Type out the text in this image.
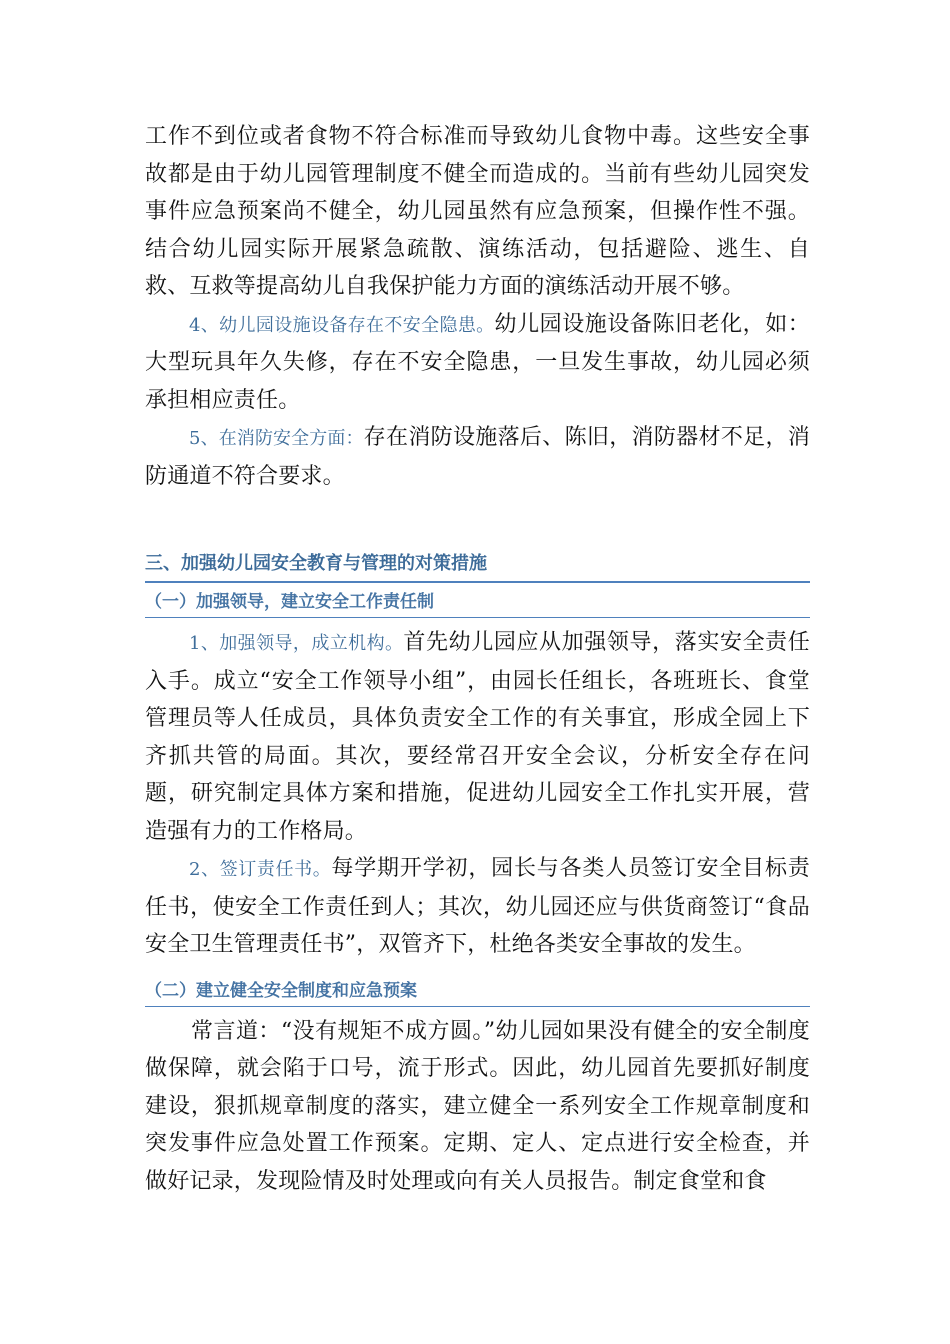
工作不到位或者食物不符合标准而导致幼儿食物中毒。这些安全事故都是由于幼儿园管理制度不健全而造成的。当前有些幼儿园突发事件应急预案尚不健全，幼儿园虽然有应急预案，但操作性不强。结合幼儿园实际开展紧急疏散、演练活动，包括避险、逃生、自救、互救等提高幼儿自我保护能力方面的演练活动开展不够。

4、幼儿园设施设备存在不安全隐患。幼儿园设施设备陈旧老化，如：大型玩具年久失修，存在不安全隐患，一旦发生事故，幼儿园必须承担相应责任。

5、在消防安全方面：存在消防设施落后、陈旧，消防器材不足，消防通道不符合要求。

三、加强幼儿园安全教育与管理的对策措施
（一）加强领导，建立安全工作责任制

1、加强领导，成立机构。首先幼儿园应从加强领导，落实安全责任入手。成立“安全工作领导小组”，由园长任组长，各班班长、食堂管理员等人任成员，具体负责安全工作的有关事宜，形成全园上下齐抓共管的局面。其次，要经常召开安全会议，分析安全存在问题，研究制定具体方案和措施，促进幼儿园安全工作扎实开展，营造强有力的工作格局。

2、签订责任书。每学期开学初，园长与各类人员签订安全目标责任书，使安全工作责任到人；其次，幼儿园还应与供货商签订“食品安全卫生管理责任书”，双管齐下，杜绝各类安全事故的发生。

（二）建立健全安全制度和应急预案

常言道：“没有规矩不成方圆。”幼儿园如果没有健全的安全制度做保障，就会陷于口号，流于形式。因此，幼儿园首先要抓好制度建设，狠抓规章制度的落实，建立健全一系列安全工作规章制度和突发事件应急处置工作预案。定期、定人、定点进行安全检查，并做好记录，发现险情及时处理或向有关人员报告。制定食堂和食
